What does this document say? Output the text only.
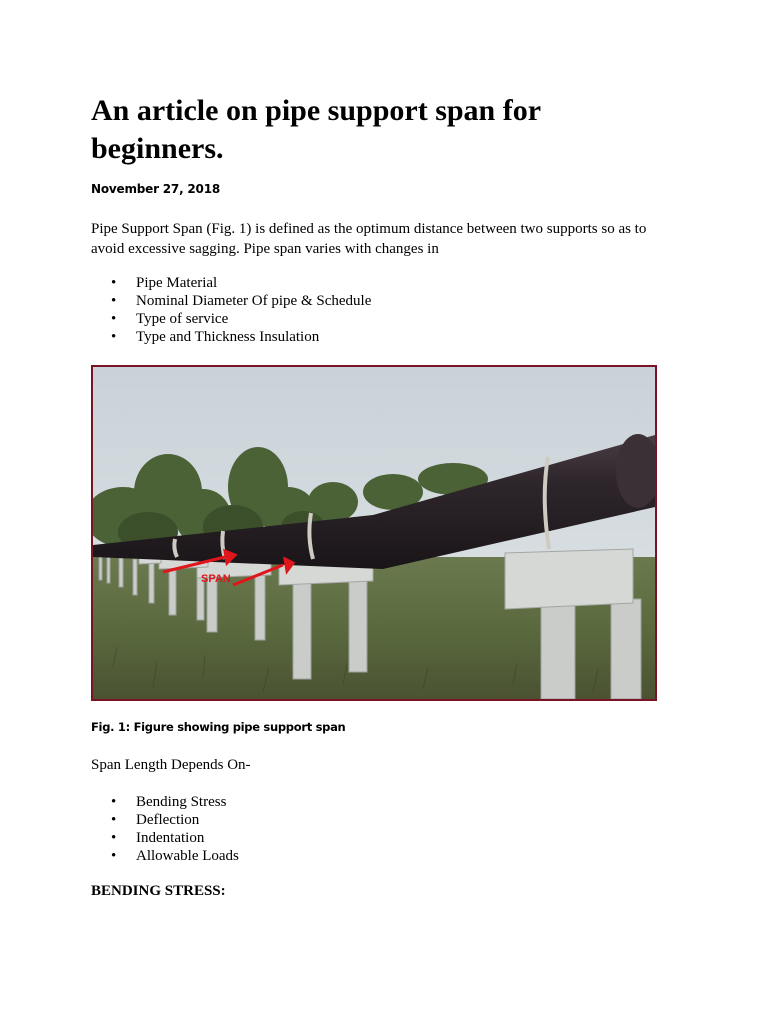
An article on pipe support span for beginners.
November 27, 2018

Pipe Support Span (Fig. 1) is defined as the optimum distance between two supports so as to avoid excessive sagging. Pipe span varies with changes in

• Pipe Material
• Nominal Diameter Of pipe & Schedule
• Type of service
• Type and Thickness Insulation
SPAN
Fig. 1: Figure showing pipe support span
Span Length Depends On-
• Bending Stress
• Deflection
• Indentation
• Allowable Loads
BENDING STRESS:
